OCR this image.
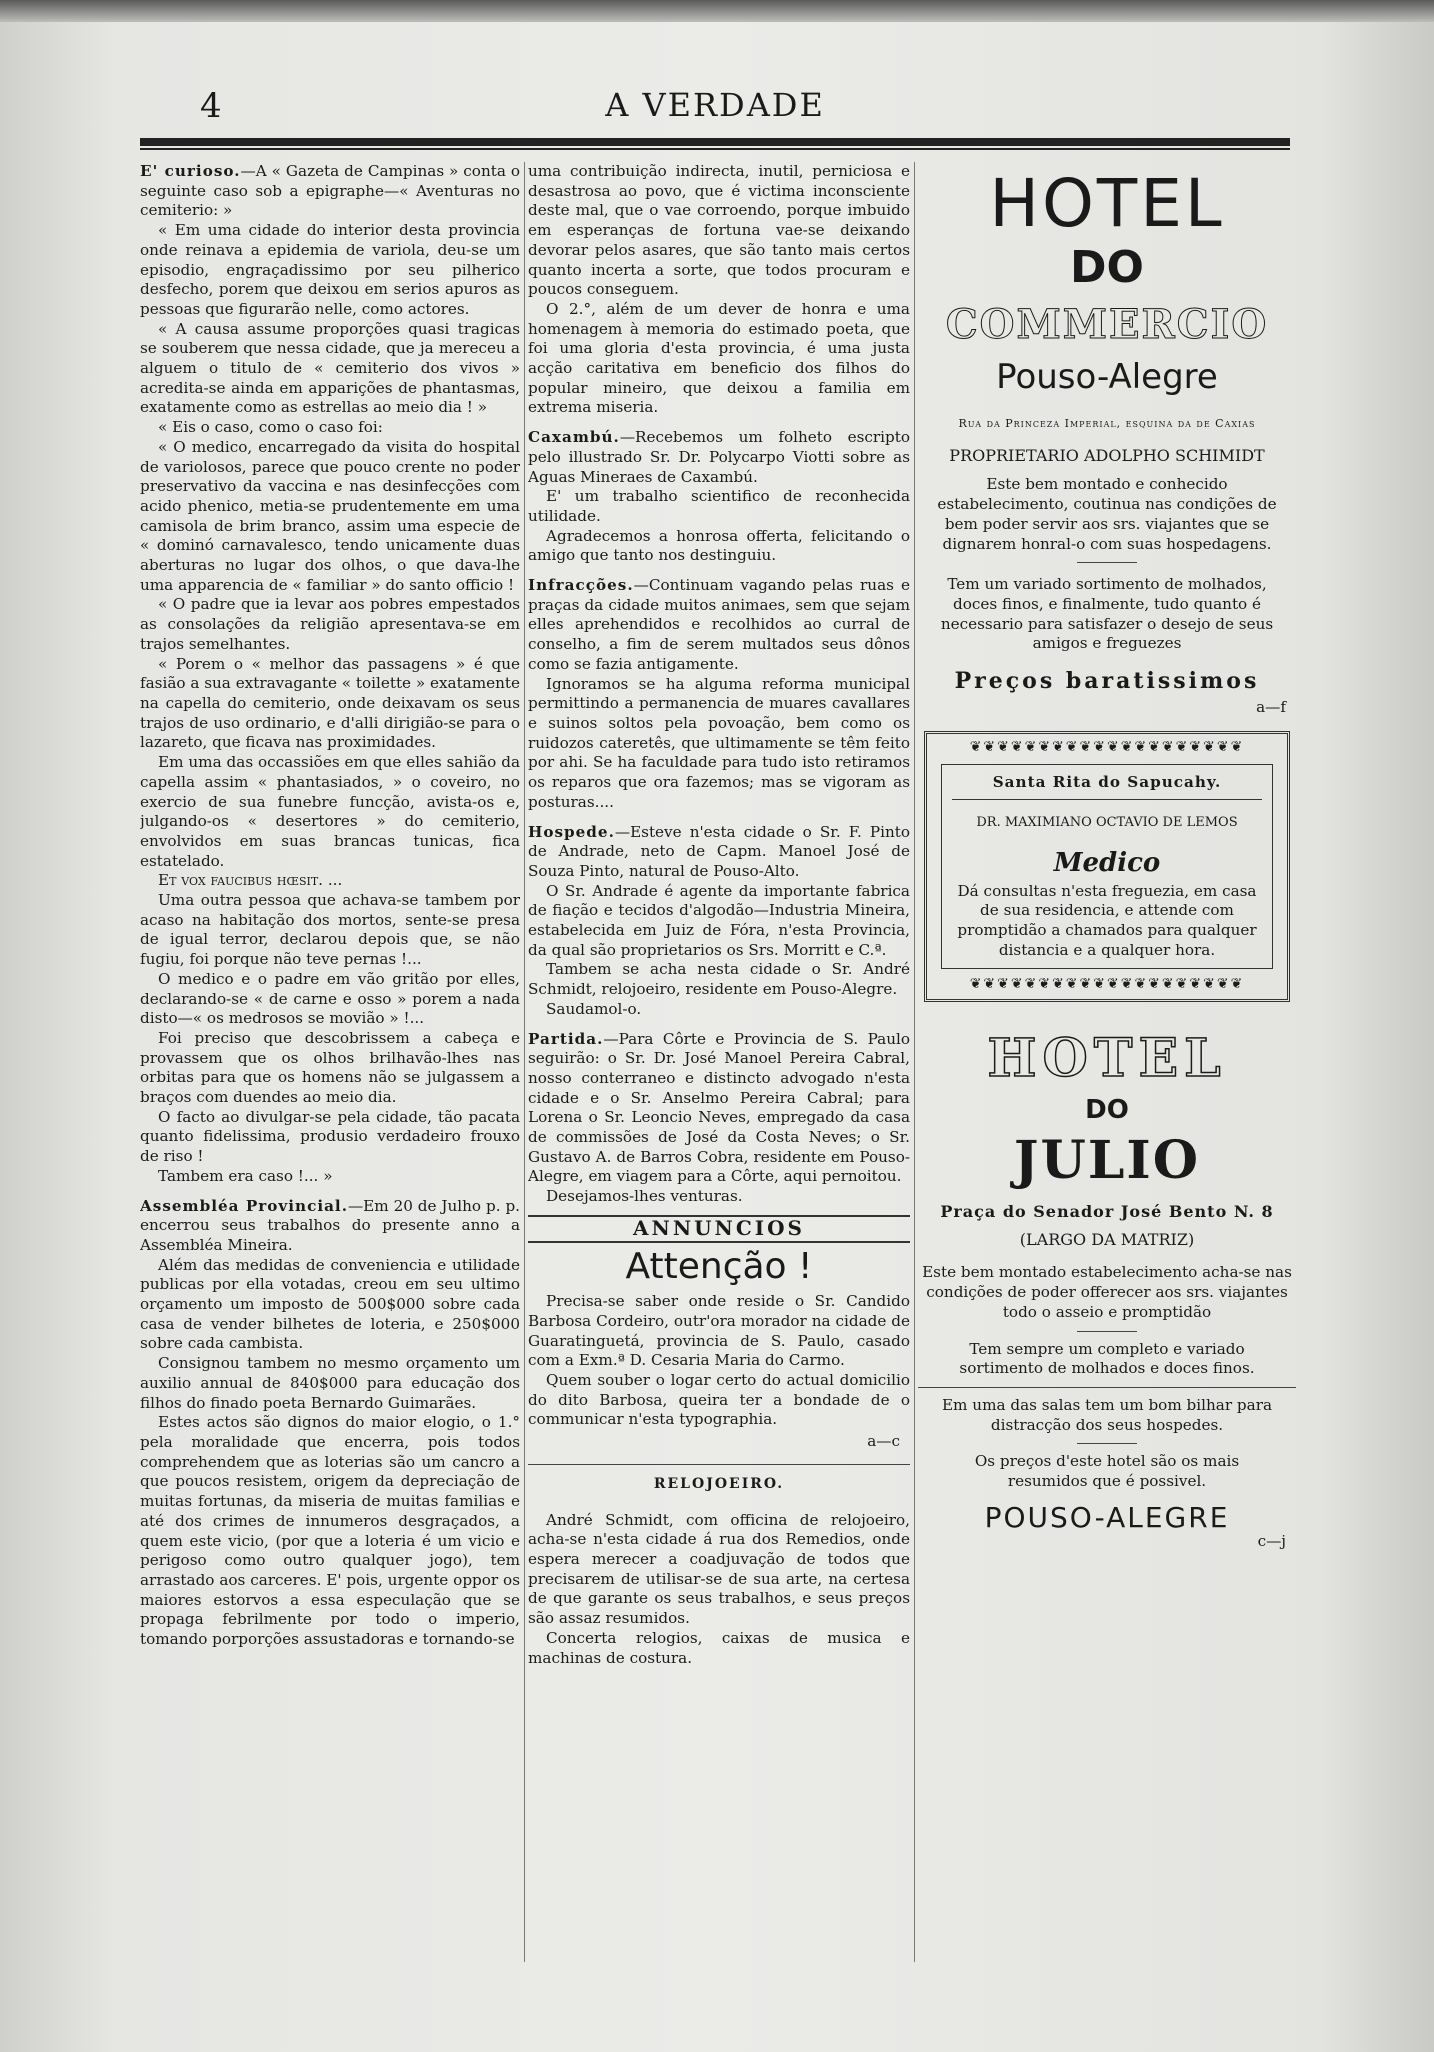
A VERDADE
4

E' curioso.—A « Gazeta de Campinas » conta o seguinte caso sob a epigraphe—« Aventuras no cemiterio: »

« Em uma cidade do interior desta provincia onde reinava a epidemia de variola, deu-se um episodio, engraçadissimo por seu pilherico desfecho, porem que deixou em serios apuros as pessoas que figurarão nelle, como actores.

« A causa assume proporções quasi tragicas se souberem que nessa cidade, que ja mereceu a alguem o titulo de « cemiterio dos vivos » acredita-se ainda em apparições de phantasmas, exatamente como as estrellas ao meio dia ! »

« Eis o caso, como o caso foi:

« O medico, encarregado da visita do hospital de variolosos, parece que pouco crente no poder preservativo da vaccina e nas desinfecções com acido phenico, metia-se prudentemente em uma camisola de brim branco, assim uma especie de « dominó carnavalesco, tendo unicamente duas aberturas no lugar dos olhos, o que dava-lhe uma apparencia de « familiar » do santo officio !

« O padre que ia levar aos pobres empestados as consolações da religião apresentava-se em trajos semelhantes.

« Porem o « melhor das passagens » é que fasião a sua extravagante « toilette » exatamente na capella do cemiterio, onde deixavam os seus trajos de uso ordinario, e d'alli dirigião-se para o lazareto, que ficava nas proximidades.

Em uma das occassiões em que elles sahião da capella assim « phantasiados, » o coveiro, no exercio de sua funebre funcção, avista-os e, julgando-os « desertores » do cemiterio, envolvidos em suas brancas tunicas, fica estatelado.

Et vox faucibus hœsit. ...

Uma outra pessoa que achava-se tambem por acaso na habitação dos mortos, sente-se presa de igual terror, declarou depois que, se não fugiu, foi porque não teve pernas !...

O medico e o padre em vão gritão por elles, declarando-se « de carne e osso » porem a nada disto—« os medrosos se movião » !...

Foi preciso que descobrissem a cabeça e provassem que os olhos brilhavão-lhes nas orbitas para que os homens não se julgassem a braços com duendes ao meio dia.

O facto ao divulgar-se pela cidade, tão pacata quanto fidelissima, produsio verdadeiro frouxo de riso !

Tambem era caso !... »

Assembléa Provincial.—Em 20 de Julho p. p. encerrou seus trabalhos do presente anno a Assembléa Mineira.

Além das medidas de conveniencia e utilidade publicas por ella votadas, creou em seu ultimo orçamento um imposto de 500$000 sobre cada casa de vender bilhetes de loteria, e 250$000 sobre cada cambista.

Consignou tambem no mesmo orçamento um auxilio annual de 840$000 para educação dos filhos do finado poeta Bernardo Guimarães.

Estes actos são dignos do maior elogio, o 1.° pela moralidade que encerra, pois todos comprehendem que as loterias são um cancro a que poucos resistem, origem da depreciação de muitas fortunas, da miseria de muitas familias e até dos crimes de innumeros desgraçados, a quem este vicio, (por que a loteria é um vicio e perigoso como outro qualquer jogo), tem arrastado aos carceres. E' pois, urgente oppor os maiores estorvos a essa especulação que se propaga febrilmente por todo o imperio, tomando porporções assustadoras e tornando-se

uma contribuição indirecta, inutil, perniciosa e desastrosa ao povo, que é victima inconsciente deste mal, que o vae corroendo, porque imbuido em esperanças de fortuna vae-se deixando devorar pelos asares, que são tanto mais certos quanto incerta a sorte, que todos procuram e poucos conseguem.

O 2.°, além de um dever de honra e uma homenagem à memoria do estimado poeta, que foi uma gloria d'esta provincia, é uma justa acção caritativa em beneficio dos filhos do popular mineiro, que deixou a familia em extrema miseria.

Caxambú.—Recebemos um folheto escripto pelo illustrado Sr. Dr. Polycarpo Viotti sobre as Aguas Mineraes de Caxambú.

E' um trabalho scientifico de reconhecida utilidade.

Agradecemos a honrosa offerta, felicitando o amigo que tanto nos destinguiu.

Infracções.—Continuam vagando pelas ruas e praças da cidade muitos animaes, sem que sejam elles aprehendidos e recolhidos ao curral de conselho, a fim de serem multados seus dônos como se fazia antigamente.

Ignoramos se ha alguma reforma municipal permittindo a permanencia de muares cavallares e suinos soltos pela povoação, bem como os ruidozos cateretês, que ultimamente se têm feito por ahi. Se ha faculdade para tudo isto retiramos os reparos que ora fazemos; mas se vigoram as posturas....

Hospede.—Esteve n'esta cidade o Sr. F. Pinto de Andrade, neto de Capm. Manoel José de Souza Pinto, natural de Pouso-Alto.

O Sr. Andrade é agente da importante fabrica de fiação e tecidos d'algodão—Industria Mineira, estabelecida em Juiz de Fóra, n'esta Provincia, da qual são proprietarios os Srs. Morritt e C.ª.

Tambem se acha nesta cidade o Sr. André Schmidt, relojoeiro, residente em Pouso-Alegre.

Saudamol-o.

Partida.—Para Côrte e Provincia de S. Paulo seguirão: o Sr. Dr. José Manoel Pereira Cabral, nosso conterraneo e distincto advogado n'esta cidade e o Sr. Anselmo Pereira Cabral; para Lorena o Sr. Leoncio Neves, empregado da casa de commissões de José da Costa Neves; o Sr. Gustavo A. de Barros Cobra, residente em Pouso-Alegre, em viagem para a Côrte, aqui pernoitou.

Desejamos-lhes venturas.

ANNUNCIOS
Attenção !

Precisa-se saber onde reside o Sr. Candido Barbosa Cordeiro, outr'ora morador na cidade de Guaratinguetá, provincia de S. Paulo, casado com a Exm.ª D. Cesaria Maria do Carmo.

Quem souber o logar certo do actual domicilio do dito Barbosa, queira ter a bondade de o communicar n'esta typographia.

a—c
RELOJOEIRO.

André Schmidt, com officina de relojoeiro, acha-se n'esta cidade á rua dos Remedios, onde espera merecer a coadjuvação de todos que precisarem de utilisar-se de sua arte, na certesa de que garante os seus trabalhos, e seus preços são assaz resumidos.

Concerta relogios, caixas de musica e machinas de costura.

HOTEL
DO
COMMERCIO
Pouso-Alegre
Rua da Princeza Imperial, esquina da de Caxias
PROPRIETARIO ADOLPHO SCHIMIDT
Este bem montado e conhecido estabelecimento, coutinua nas condições de bem poder servir aos srs. viajantes que se dignarem honral-o com suas hospedagens.
Tem um variado sortimento de molhados, doces finos, e finalmente, tudo quanto é necessario para satisfazer o desejo de seus amigos e freguezes
Preços baratissimos
a—f
❦❦❦❦❦❦❦❦❦❦❦❦❦❦❦❦❦❦❦❦
Santa Rita do Sapucahy.
DR. MAXIMIANO OCTAVIO DE LEMOS
Medico
Dá consultas n'esta freguezia, em casa de sua residencia, e attende com promptidão a chamados para qualquer distancia e a qualquer hora.
❦❦❦❦❦❦❦❦❦❦❦❦❦❦❦❦❦❦❦❦
HOTEL
DO
JULIO
Praça do Senador José Bento N. 8
(LARGO DA MATRIZ)
Este bem montado estabelecimento acha-se nas condições de poder offerecer aos srs. viajantes todo o asseio e promptidão
Tem sempre um completo e variado sortimento de molhados e doces finos.
Em uma das salas tem um bom bilhar para distracção dos seus hospedes.
Os preços d'este hotel são os mais resumidos que é possivel.
POUSO-ALEGRE
c—j
